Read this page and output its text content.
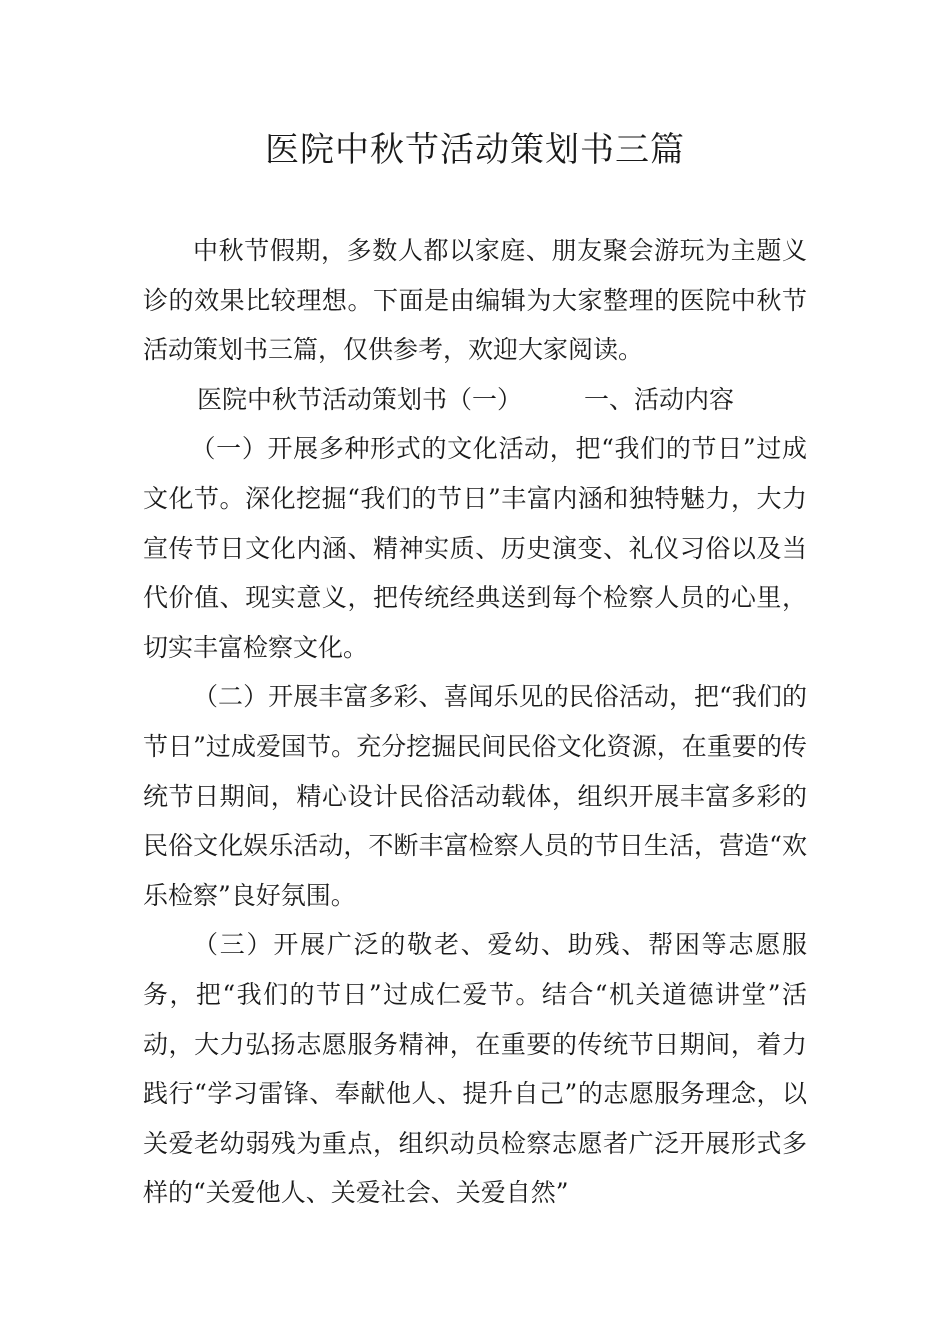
医院中秋节活动策划书三篇

中秋节假期，多数人都以家庭、朋友聚会游玩为主题义诊的效果比较理想。下面是由编辑为大家整理的医院中秋节活动策划书三篇，仅供参考，欢迎大家阅读。

医院中秋节活动策划书（一） 一、活动内容

（一）开展多种形式的文化活动，把“我们的节日”过成文化节。深化挖掘“我们的节日”丰富内涵和独特魅力，大力宣传节日文化内涵、精神实质、历史演变、礼仪习俗以及当代价值、现实意义，把传统经典送到每个检察人员的心里，切实丰富检察文化。

（二）开展丰富多彩、喜闻乐见的民俗活动，把“我们的节日”过成爱国节。充分挖掘民间民俗文化资源，在重要的传统节日期间，精心设计民俗活动载体，组织开展丰富多彩的民俗文化娱乐活动，不断丰富检察人员的节日生活，营造“欢乐检察”良好氛围。

（三）开展广泛的敬老、爱幼、助残、帮困等志愿服务，把“我们的节日”过成仁爱节。结合“机关道德讲堂”活动，大力弘扬志愿服务精神，在重要的传统节日期间，着力践行“学习雷锋、奉献他人、提升自己”的志愿服务理念，以关爱老幼弱残为重点，组织动员检察志愿者广泛开展形式多样的“关爱他人、关爱社会、关爱自然”
